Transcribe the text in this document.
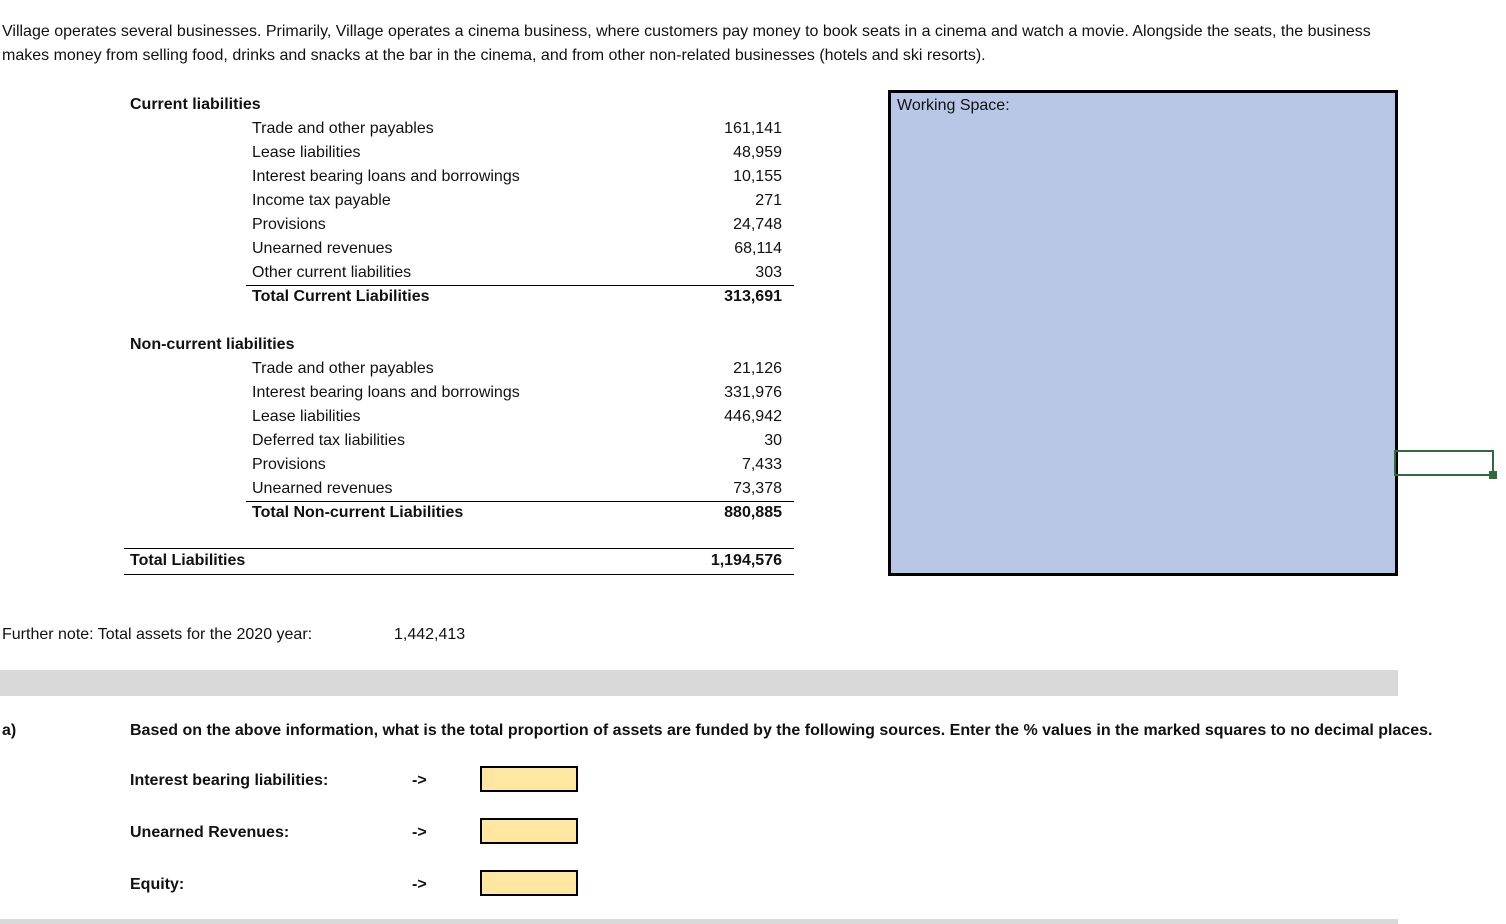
Village operates several businesses. Primarily, Village operates a cinema business, where customers pay money to book seats in a cinema and watch a movie. Alongside the seats, the business makes money from selling food, drinks and snacks at the bar in the cinema, and from other non-related businesses (hotels and ski resorts).
Current liabilities
Trade and other payables	161,141
Lease liabilities	48,959
Interest bearing loans and borrowings	10,155
Income tax payable	271
Provisions	24,748
Unearned revenues	68,114
Other current liabilities	303
Total Current Liabilities	313,691
Non-current liabilities
Trade and other payables	21,126
Interest bearing loans and borrowings	331,976
Lease liabilities	446,942
Deferred tax liabilities	30
Provisions	7,433
Unearned revenues	73,378
Total Non-current Liabilities	880,885
Total Liabilities	1,194,576
Working Space:
Further note: Total assets for the 2020 year:	1,442,413
a)	Based on the above information, what is the total proportion of assets are funded by the following sources. Enter the % values in the marked squares to no decimal places.
Interest bearing liabilities:	->
Unearned Revenues:	->
Equity:	->
